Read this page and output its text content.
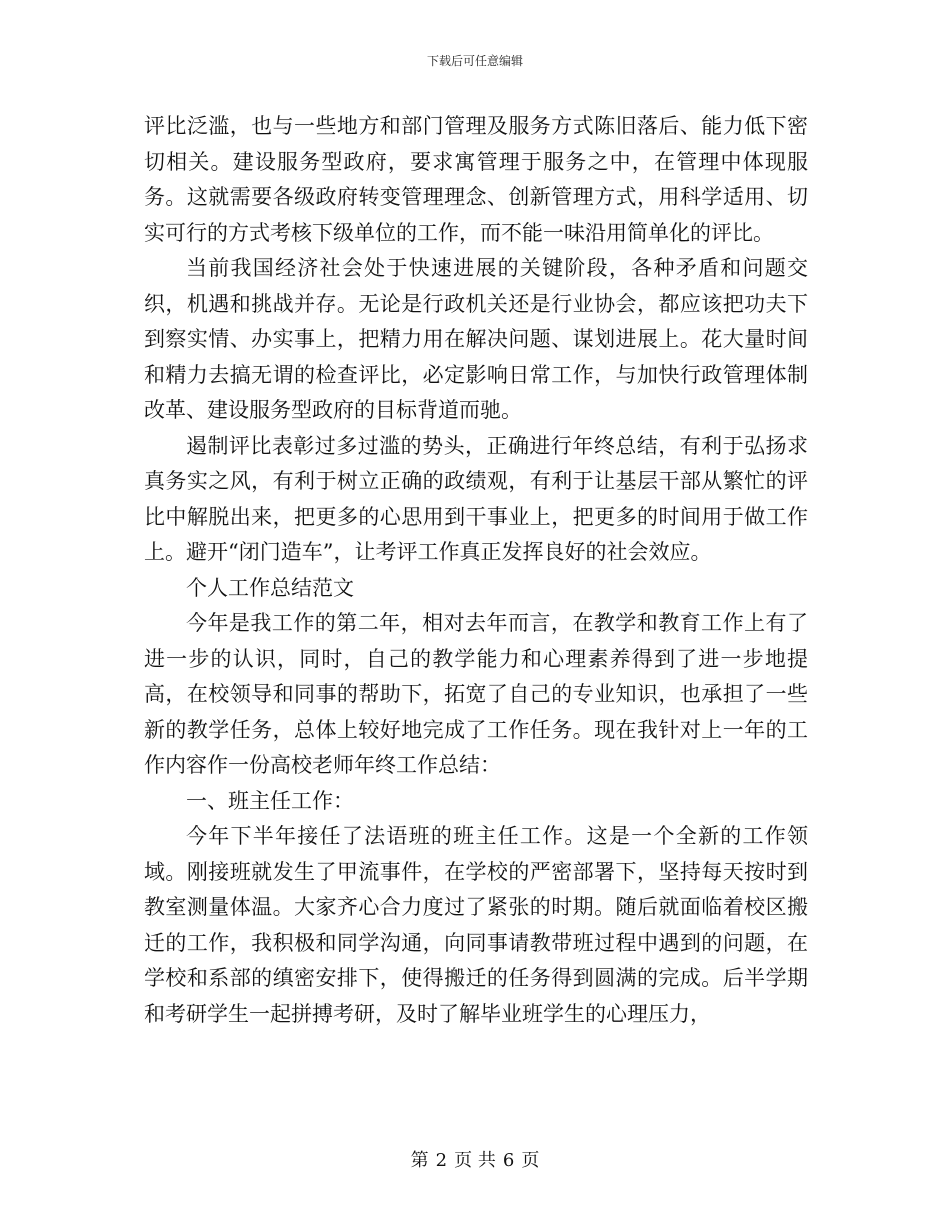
下载后可任意编辑

评比泛滥，也与一些地方和部门管理及服务方式陈旧落后、能力低下密切相关。建设服务型政府，要求寓管理于服务之中，在管理中体现服务。这就需要各级政府转变管理理念、创新管理方式，用科学适用、切实可行的方式考核下级单位的工作，而不能一味沿用简单化的评比。

当前我国经济社会处于快速进展的关键阶段，各种矛盾和问题交织，机遇和挑战并存。无论是行政机关还是行业协会，都应该把功夫下到察实情、办实事上，把精力用在解决问题、谋划进展上。花大量时间和精力去搞无谓的检查评比，必定影响日常工作，与加快行政管理体制改革、建设服务型政府的目标背道而驰。

遏制评比表彰过多过滥的势头，正确进行年终总结，有利于弘扬求真务实之风，有利于树立正确的政绩观，有利于让基层干部从繁忙的评比中解脱出来，把更多的心思用到干事业上，把更多的时间用于做工作上。避开“闭门造车”，让考评工作真正发挥良好的社会效应。

个人工作总结范文

今年是我工作的第二年，相对去年而言，在教学和教育工作上有了进一步的认识，同时，自己的教学能力和心理素养得到了进一步地提高，在校领导和同事的帮助下，拓宽了自己的专业知识，也承担了一些新的教学任务，总体上较好地完成了工作任务。现在我针对上一年的工作内容作一份高校老师年终工作总结：

一、班主任工作：

今年下半年接任了法语班的班主任工作。这是一个全新的工作领域。刚接班就发生了甲流事件，在学校的严密部署下，坚持每天按时到教室测量体温。大家齐心合力度过了紧张的时期。随后就面临着校区搬迁的工作，我积极和同学沟通，向同事请教带班过程中遇到的问题，在学校和系部的缜密安排下，使得搬迁的任务得到圆满的完成。后半学期和考研学生一起拼搏考研，及时了解毕业班学生的心理压力，

第 2 页 共 6 页
